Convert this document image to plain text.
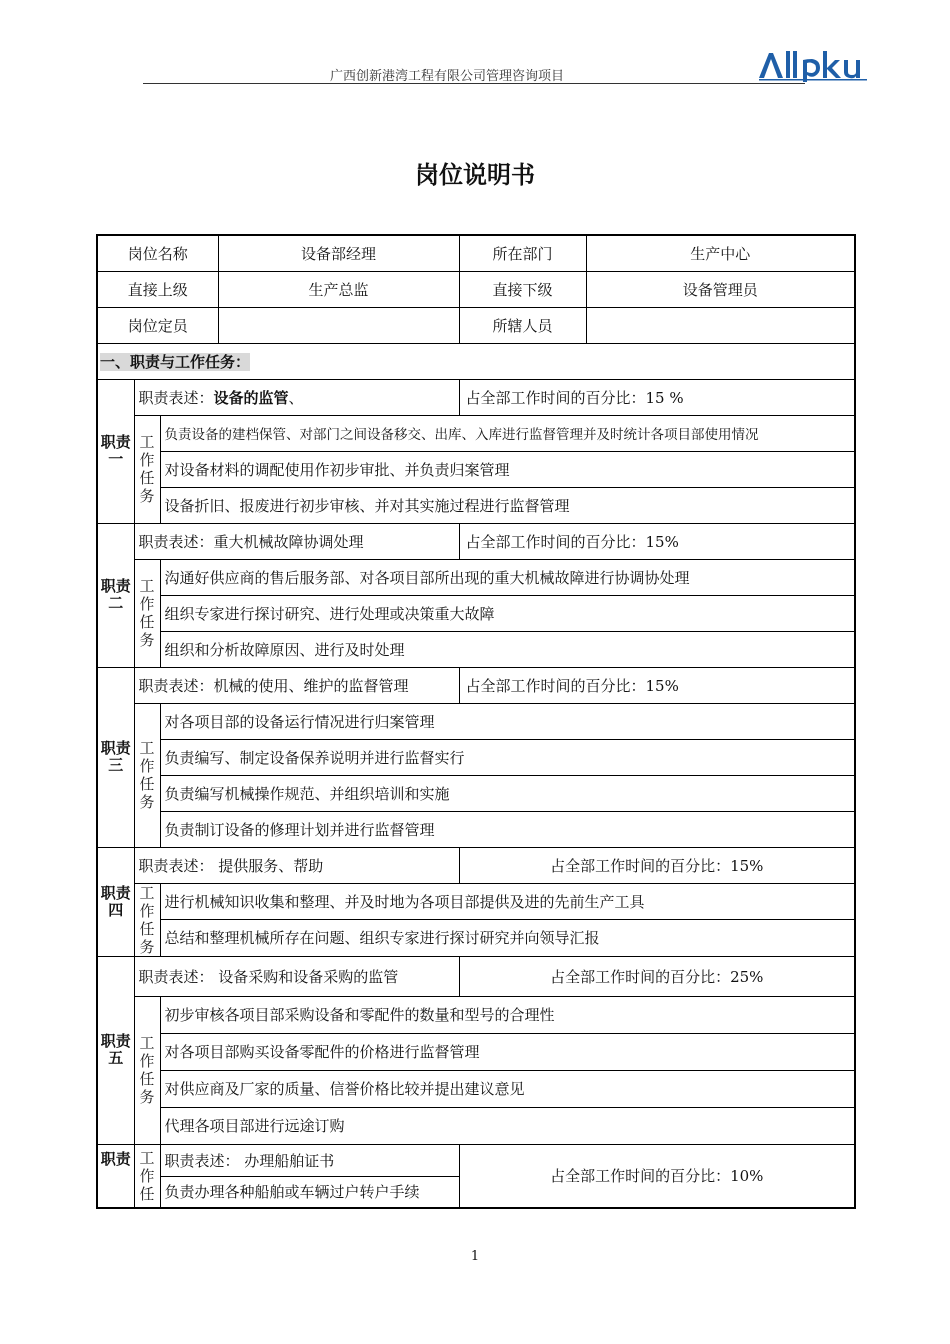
广西创新港湾工程有限公司管理咨询项目
岗位说明书
岗位名称			设备部经理	所在部门	生产中心
直接上级			生产总监	直接下级	设备管理员
岗位定员				所辖人员	
一、职责与工作任务：					
职责一	职责表述：设备的监管、			占全部工作时间的百分比：15 %	
	工作任务	负责设备的建档保管、对部门之间设备移交、出库、入库进行监督管理并及时统计各项目部使用情况			
		对设备材料的调配使用作初步审批、并负责归案管理			
		设备折旧、报废进行初步审核、并对其实施过程进行监督管理			
职责二	职责表述：重大机械故障协调处理			占全部工作时间的百分比：15%	
	工作任务	沟通好供应商的售后服务部、对各项目部所出现的重大机械故障进行协调协处理			
		组织专家进行探讨研究、进行处理或决策重大故障			
		组织和分析故障原因、进行及时处理			
职责三	职责表述：机械的使用、维护的监督管理			占全部工作时间的百分比：15%	
	工作任务	对各项目部的设备运行情况进行归案管理			
		负责编写、制定设备保养说明并进行监督实行			
		负责编写机械操作规范、并组织培训和实施			
		负责制订设备的修理计划并进行监督管理			
职责四	职责表述： 提供服务、帮助			占全部工作时间的百分比：15%	
	工作任务	进行机械知识收集和整理、并及时地为各项目部提供及进的先前生产工具			
		总结和整理机械所存在问题、组织专家进行探讨研究并向领导汇报			
职责五	职责表述： 设备采购和设备采购的监管			占全部工作时间的百分比：25%	
	工作任务	初步审核各项目部采购设备和零配件的数量和型号的合理性			
		对各项目部购买设备零配件的价格进行监督管理			
		对供应商及厂家的质量、信誉价格比较并提出建议意见			
		代理各项目部进行远途订购			
职责	工作任	职责表述： 办理船舶证书		占全部工作时间的百分比：10%	
		负责办理各种船舶或车辆过户转户手续			
1
